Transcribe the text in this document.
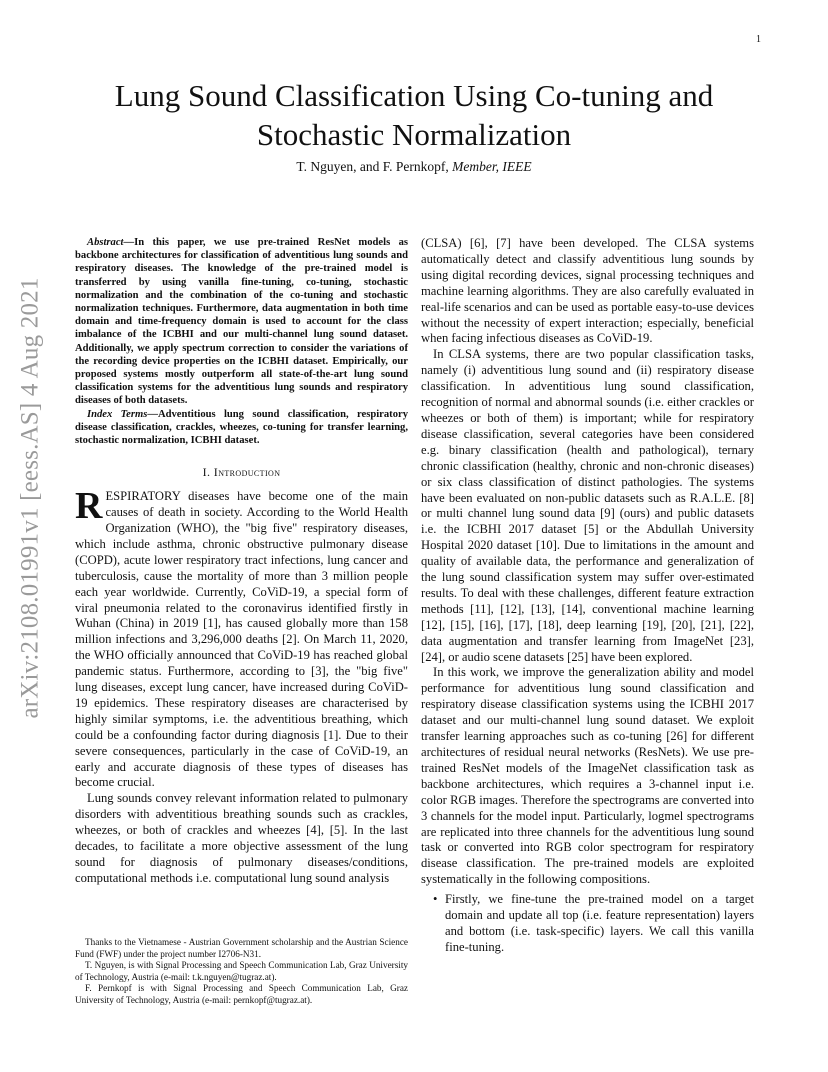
1
arXiv:2108.01991v1 [eess.AS] 4 Aug 2021
Lung Sound Classification Using Co-tuning and
Stochastic Normalization
T. Nguyen, and F. Pernkopf, Member, IEEE

Abstract—In this paper, we use pre-trained ResNet models as backbone architectures for classification of adventitious lung sounds and respiratory diseases. The knowledge of the pre-trained model is transferred by using vanilla fine-tuning, co-tuning, stochastic normalization and the combination of the co-tuning and stochastic normalization techniques. Furthermore, data augmentation in both time domain and time-frequency domain is used to account for the class imbalance of the ICBHI and our multi-channel lung sound dataset. Additionally, we apply spectrum correction to consider the variations of the recording device properties on the ICBHI dataset. Empirically, our proposed systems mostly outperform all state-of-the-art lung sound classification systems for the adventitious lung sounds and respiratory diseases of both datasets.

Index Terms—Adventitious lung sound classification, respiratory disease classification, crackles, wheezes, co-tuning for transfer learning, stochastic normalization, ICBHI dataset.

I. Introduction

RESPIRATORY diseases have become one of the main causes of death in society. According to the World Health Organization (WHO), the "big five" respiratory diseases, which include asthma, chronic obstructive pulmonary disease (COPD), acute lower respiratory tract infections, lung cancer and tuberculosis, cause the mortality of more than 3 million people each year worldwide. Currently, CoViD-19, a special form of viral pneumonia related to the coronavirus identified firstly in Wuhan (China) in 2019 [1], has caused globally more than 158 million infections and 3,296,000 deaths [2]. On March 11, 2020, the WHO officially announced that CoViD-19 has reached global pandemic status. Furthermore, according to [3], the "big five" lung diseases, except lung cancer, have increased during CoViD-19 epidemics. These respiratory diseases are characterised by highly similar symptoms, i.e. the adventitious breathing, which could be a confounding factor during diagnosis [1]. Due to their severe consequences, particularly in the case of CoViD-19, an early and accurate diagnosis of these types of diseases has become crucial.

Lung sounds convey relevant information related to pulmonary disorders with adventitious breathing sounds such as crackles, wheezes, or both of crackles and wheezes [4], [5]. In the last decades, to facilitate a more objective assessment of the lung sound for diagnosis of pulmonary diseases/conditions, computational methods i.e. computational lung sound analysis

Thanks to the Vietnamese - Austrian Government scholarship and the Austrian Science Fund (FWF) under the project number I2706-N31.

T. Nguyen, is with Signal Processing and Speech Communication Lab, Graz University of Technology, Austria (e-mail: t.k.nguyen@tugraz.at).

F. Pernkopf is with Signal Processing and Speech Communication Lab, Graz University of Technology, Austria (e-mail: pernkopf@tugraz.at).

(CLSA) [6], [7] have been developed. The CLSA systems automatically detect and classify adventitious lung sounds by using digital recording devices, signal processing techniques and machine learning algorithms. They are also carefully evaluated in real-life scenarios and can be used as portable easy-to-use devices without the necessity of expert interaction; especially, beneficial when facing infectious diseases as CoViD-19.

In CLSA systems, there are two popular classification tasks, namely (i) adventitious lung sound and (ii) respiratory disease classification. In adventitious lung sound classification, recognition of normal and abnormal sounds (i.e. either crackles or wheezes or both of them) is important; while for respiratory disease classification, several categories have been considered e.g. binary classification (health and pathological), ternary chronic classification (healthy, chronic and non-chronic diseases) or six class classification of distinct pathologies. The systems have been evaluated on non-public datasets such as R.A.L.E. [8] or multi channel lung sound data [9] (ours) and public datasets i.e. the ICBHI 2017 dataset [5] or the Abdullah University Hospital 2020 dataset [10]. Due to limitations in the amount and quality of available data, the performance and generalization of the lung sound classification system may suffer over-estimated results. To deal with these challenges, different feature extraction methods [11], [12], [13], [14], conventional machine learning [12], [15], [16], [17], [18], deep learning [19], [20], [21], [22], data augmentation and transfer learning from ImageNet [23], [24], or audio scene datasets [25] have been explored.

In this work, we improve the generalization ability and model performance for adventitious lung sound classification and respiratory disease classification systems using the ICBHI 2017 dataset and our multi-channel lung sound dataset. We exploit transfer learning approaches such as co-tuning [26] for different architectures of residual neural networks (ResNets). We use pre-trained ResNet models of the ImageNet classification task as backbone architectures, which requires a 3-channel input i.e. color RGB images. Therefore the spectrograms are converted into 3 channels for the model input. Particularly, logmel spectrograms are replicated into three channels for the adventitious lung sound task or converted into RGB color spectrogram for respiratory disease classification. The pre-trained models are exploited systematically in the following compositions.

• Firstly, we fine-tune the pre-trained model on a target domain and update all top (i.e. feature representation) layers and bottom (i.e. task-specific) layers. We call this vanilla fine-tuning.
